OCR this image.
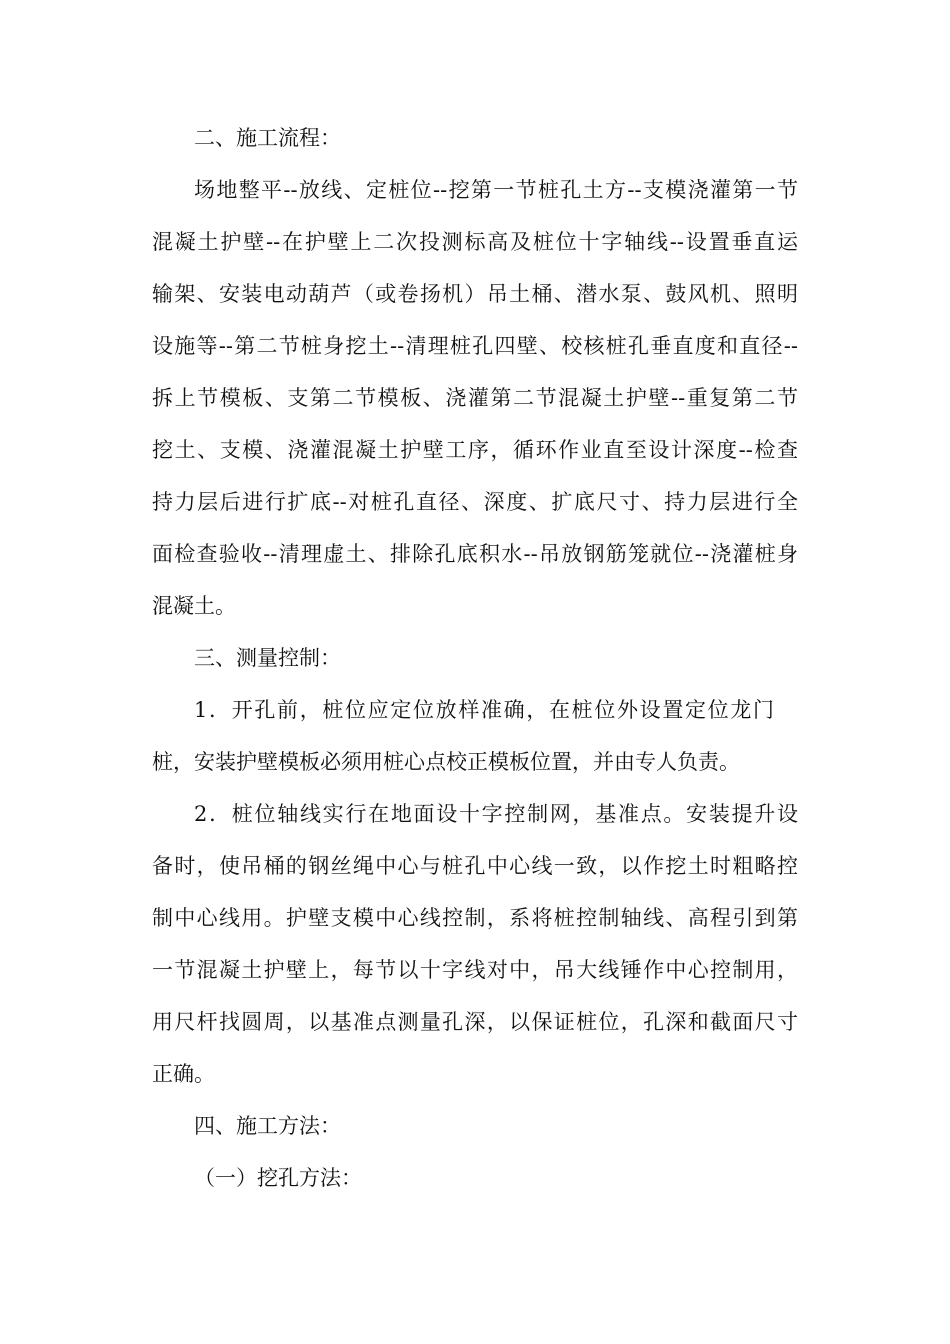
二、施工流程：
场地整平--放线、定桩位--挖第一节桩孔土方--支模浇灌第一节
混凝土护壁--在护壁上二次投测标高及桩位十字轴线--设置垂直运
输架、安装电动葫芦（或卷扬机）吊土桶、潜水泵、鼓风机、照明
设施等--第二节桩身挖土--清理桩孔四壁、校核桩孔垂直度和直径--
拆上节模板、支第二节模板、浇灌第二节混凝土护壁--重复第二节
挖土、支模、浇灌混凝土护壁工序，循环作业直至设计深度--检查
持力层后进行扩底--对桩孔直径、深度、扩底尺寸、持力层进行全
面检查验收--清理虚土、排除孔底积水--吊放钢筋笼就位--浇灌桩身
混凝土。
三、测量控制：
1．开孔前，桩位应定位放样准确，在桩位外设置定位龙门
桩，安装护壁模板必须用桩心点校正模板位置，并由专人负责。
2．桩位轴线实行在地面设十字控制网，基准点。安装提升设
备时，使吊桶的钢丝绳中心与桩孔中心线一致，以作挖土时粗略控
制中心线用。护壁支模中心线控制，系将桩控制轴线、高程引到第
一节混凝土护壁上，每节以十字线对中，吊大线锤作中心控制用，
用尺杆找圆周，以基准点测量孔深，以保证桩位，孔深和截面尺寸
正确。
四、施工方法：
（一）挖孔方法：
